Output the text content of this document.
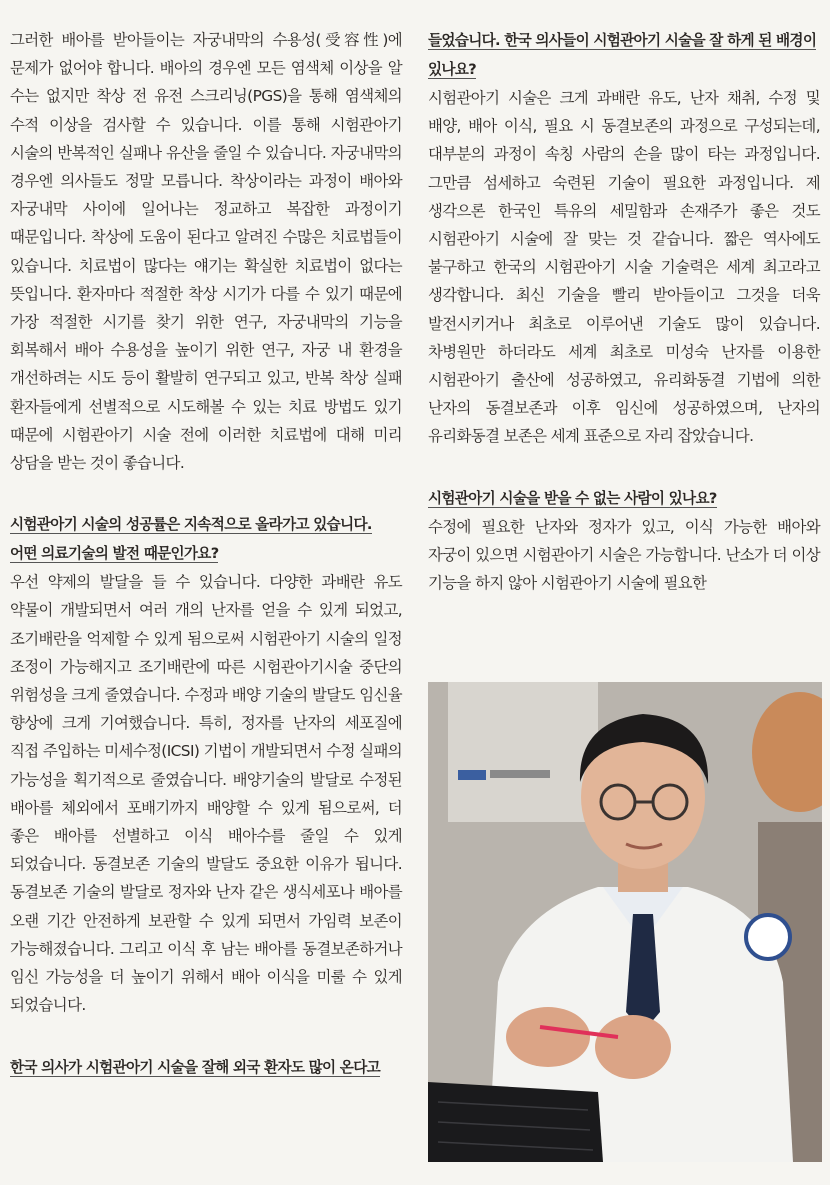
그러한 배아를 받아들이는 자궁내막의 수용성(受容性)에 문제가 없어야 합니다. 배아의 경우엔 모든 염색체 이상을 알 수는 없지만 착상 전 유전 스크리닝(PGS)을 통해 염색체의 수적 이상을 검사할 수 있습니다. 이를 통해 시험관아기 시술의 반복적인 실패나 유산을 줄일 수 있습니다. 자궁내막의 경우엔 의사들도 정말 모릅니다. 착상이라는 과정이 배아와 자궁내막 사이에 일어나는 정교하고 복잡한 과정이기 때문입니다. 착상에 도움이 된다고 알려진 수많은 치료법들이 있습니다. 치료법이 많다는 얘기는 확실한 치료법이 없다는 뜻입니다. 환자마다 적절한 착상 시기가 다를 수 있기 때문에 가장 적절한 시기를 찾기 위한 연구, 자궁내막의 기능을 회복해서 배아 수용성을 높이기 위한 연구, 자궁 내 환경을 개선하려는 시도 등이 활발히 연구되고 있고, 반복 착상 실패 환자들에게 선별적으로 시도해볼 수 있는 치료 방법도 있기 때문에 시험관아기 시술 전에 이러한 치료법에 대해 미리 상담을 받는 것이 좋습니다.

시험관아기 시술의 성공률은 지속적으로 올라가고 있습니다.

어떤 의료기술의 발전 때문인가요?

우선 약제의 발달을 들 수 있습니다. 다양한 과배란 유도 약물이 개발되면서 여러 개의 난자를 얻을 수 있게 되었고, 조기배란을 억제할 수 있게 됨으로써 시험관아기 시술의 일정 조정이 가능해지고 조기배란에 따른 시험관아기시술 중단의 위험성을 크게 줄였습니다. 수정과 배양 기술의 발달도 임신율 향상에 크게 기여했습니다. 특히, 정자를 난자의 세포질에 직접 주입하는 미세수정(ICSI) 기법이 개발되면서 수정 실패의 가능성을 획기적으로 줄였습니다. 배양기술의 발달로 수정된 배아를 체외에서 포배기까지 배양할 수 있게 됨으로써, 더 좋은 배아를 선별하고 이식 배아수를 줄일 수 있게 되었습니다. 동결보존 기술의 발달도 중요한 이유가 됩니다. 동결보존 기술의 발달로 정자와 난자 같은 생식세포나 배아를 오랜 기간 안전하게 보관할 수 있게 되면서 가임력 보존이 가능해졌습니다. 그리고 이식 후 남는 배아를 동결보존하거나 임신 가능성을 더 높이기 위해서 배아 이식을 미룰 수 있게 되었습니다.

한국 의사가 시험관아기 시술을 잘해 외국 환자도 많이 온다고

들었습니다. 한국 의사들이 시험관아기 시술을 잘 하게 된 배경이

있나요?

시험관아기 시술은 크게 과배란 유도, 난자 채취, 수정 및 배양, 배아 이식, 필요 시 동결보존의 과정으로 구성되는데, 대부분의 과정이 속칭 사람의 손을 많이 타는 과정입니다. 그만큼 섬세하고 숙련된 기술이 필요한 과정입니다. 제 생각으론 한국인 특유의 세밀함과 손재주가 좋은 것도 시험관아기 시술에 잘 맞는 것 같습니다. 짧은 역사에도 불구하고 한국의 시험관아기 시술 기술력은 세계 최고라고 생각합니다. 최신 기술을 빨리 받아들이고 그것을 더욱 발전시키거나 최초로 이루어낸 기술도 많이 있습니다. 차병원만 하더라도 세계 최초로 미성숙 난자를 이용한 시험관아기 출산에 성공하였고, 유리화동결 기법에 의한 난자의 동결보존과 이후 임신에 성공하였으며, 난자의 유리화동결 보존은 세계 표준으로 자리 잡았습니다.

시험관아기 시술을 받을 수 없는 사람이 있나요?

수정에 필요한 난자와 정자가 있고, 이식 가능한 배아와 자궁이 있으면 시험관아기 시술은 가능합니다. 난소가 더 이상 기능을 하지 않아 시험관아기 시술에 필요한
